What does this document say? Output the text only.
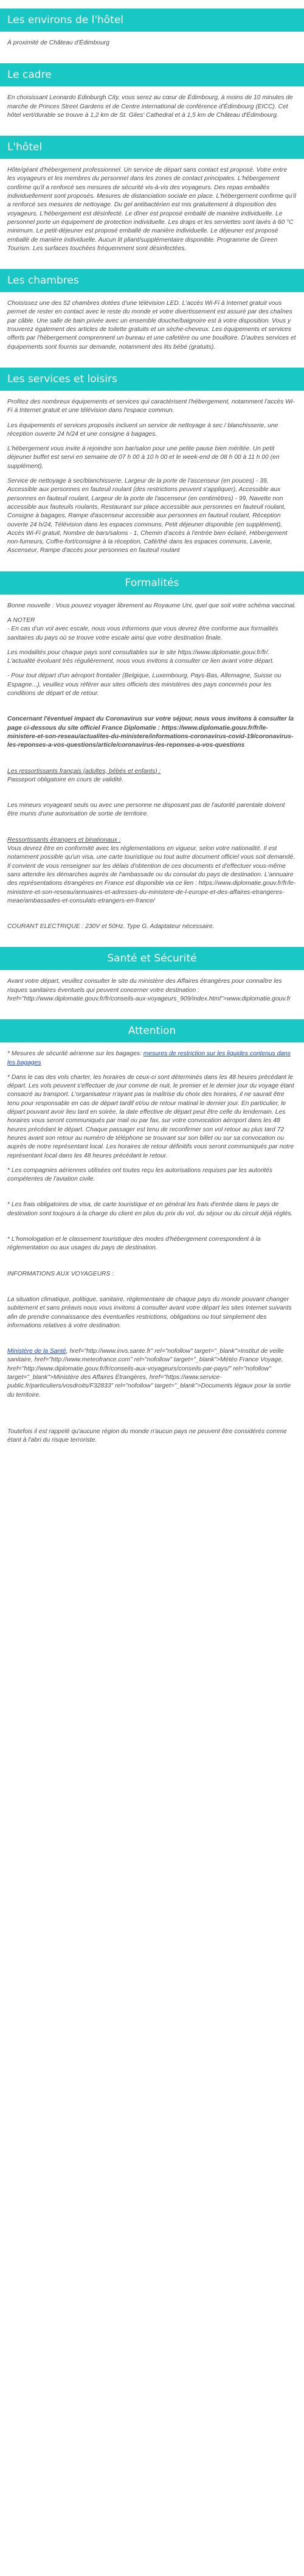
Les environs de l'hôtel

À proximité de Château d'Édimbourg

Le cadre

En choisissant Leonardo Edinburgh City, vous serez au cœur de Édimbourg, à moins de 10 minutes de marche de Princes Street Gardens et de Centre international de conférence d'Édimbourg (EICC). Cet hôtel vert/durable se trouve à 1,2 km de St. Giles' Cathedral et à 1,5 km de Château d'Édimbourg.

L'hôtel

Hôte/géant d'hébergement professionnel. Un service de départ sans contact est proposé. Votre entre les voyageurs et les membres du personnel dans les zones de contact principales. L'hébergement confirme qu'il a renforcé ses mesures de sécurité vis-à-vis des voyageurs. Des repas emballés individuellement sont proposés. Mesures de distanciation sociale en place. L'hébergement confirme qu'il a renforcé ses mesures de nettoyage. Du gel antibactérien est mis gratuitement à disposition des voyageurs. L'hébergement est désinfecté. Le dîner est proposé emballé de manière individuelle. Le personnel porte un équipement de protection individuelle. Les draps et les serviettes sont lavés à 60 °C minimum. Le petit-déjeuner est proposé emballé de manière individuelle. Le déjeuner est proposé emballé de manière individuelle. Aucun lit pliant/supplémentaire disponible. Programme de Green Tourism. Les surfaces touchées fréquemment sont désinfectées.

Les chambres

Choisissez une des 52 chambres dotées d'une télévision LED. L'accès Wi-Fi à Internet gratuit vous permet de rester en contact avec le reste du monde et votre divertissement est assuré par des chaînes par câble. Une salle de bain privée avec un ensemble douche/baignoire est à votre disposition. Vous y trouverez également des articles de toilette gratuits et un sèche-cheveux. Les équipements et services offerts par l'hébergement comprennent un bureau et une cafetière ou une bouilloire. D'autres services et équipements sont fournis sur demande, notamment des lits bébé (gratuits).

Les services et loisirs

Profitez des nombreux équipements et services qui caractérisent l'hébergement, notamment l'accès Wi-Fi à Internet gratuit et une télévision dans l'espace commun.

Les équipements et services proposés incluent un service de nettoyage à sec / blanchisserie, une réception ouverte 24 h/24 et une consigne à bagages.

L'hébergement vous invite à rejoindre son bar/salon pour une petite pause bien méritée. Un petit déjeuner buffet est servi en semaine de 07 h 00 à 10 h 00 et le week-end de 08 h 00 à 11 h 00 (en supplément).

Service de nettoyage à sec/blanchisserie, Largeur de la porte de l'ascenseur (en pouces) - 39, Accessible aux personnes en fauteuil roulant (des restrictions peuvent s'appliquer), Accessible aux personnes en fauteuil roulant, Largeur de la porte de l'ascenseur (en centimètres) - 99, Navette non accessible aux fauteuils roulants, Restaurant sur place accessible aux personnes en fauteuil roulant, Consigne à bagages, Rampe d'ascenseur accessible aux personnes en fauteuil roulant, Réception ouverte 24 h/24, Télévision dans les espaces communs, Petit déjeuner disponible (en supplément), Accès Wi-Fi gratuit, Nombre de bars/salons - 1, Chemin d'accès à l'entrée bien éclairé, Hébergement non-fumeurs, Coffre-fort/consigne à la réception, Café/thé dans les espaces communs, Laverie, Ascenseur, Rampe d'accès pour personnes en fauteuil roulant

Formalités

Bonne nouvelle : Vous pouvez voyager librement au Royaume Uni, quel que soit votre schéma vaccinal.

A NOTER
- En cas d'un vol avec escale, nous vous informons que vous devrez être conforme aux formalités sanitaires du pays où se trouve votre escale ainsi que votre destination finale.

Les modalités pour chaque pays sont consultables sur le site https://www.diplomatie.gouv.fr/fr/. L'actualité évoluant très régulièrement, nous vous invitons à consulter ce lien avant votre départ.

- Pour tout départ d'un aéroport frontalier (Belgique, Luxembourg, Pays-Bas, Allemagne, Suisse ou Espagne...), veuillez vous référer aux sites officiels des ministères des pays concernés pour les conditions de départ et de retour.

Concernant l'éventuel impact du Coronavirus sur votre séjour, nous vous invitons à consulter la page ci-dessous du site officiel France Diplomatie : https://www.diplomatie.gouv.fr/fr/le-ministere-et-son-reseau/actualites-du-ministere/informations-coronavirus-covid-19/coronavirus-les-reponses-a-vos-questions/article/coronavirus-les-reponses-a-vos-questions

Les ressortissants français (adultes, bébés et enfants) :
Passeport obligatoire en cours de validité.

Les mineurs voyageant seuls ou avec une personne ne disposant pas de l'autorité parentale doivent être munis d'une autorisation de sortie de territoire.

Ressortissants étrangers et binationaux :
Vous devrez être en conformité avec les réglementations en vigueur, selon votre nationalité. Il est notamment possible qu'un visa, une carte touristique ou tout autre document officiel vous soit demandé. Il convient de vous renseigner sur les délais d'obtention de ces documents et d'effectuer vous-même sans attendre les démarches auprès de l'ambassade ou du consulat du pays de destination. L'annuaire des représentations étrangères en France est disponible via ce lien : https://www.diplomatie.gouv.fr/fr/le-ministere-et-son-reseau/annuaires-et-adresses-du-ministere-de-l-europe-et-des-affaires-etrangeres-meae/ambassades-et-consulats-etrangers-en-france/

COURANT ELECTRIQUE : 230V et 50Hz. Type G. Adaptateur nécessaire.

Santé et Sécurité

Avant votre départ, veuillez consulter le site du ministère des Affaires étrangères pour connaître les risques sanitaires éventuels qui peuvent concerner votre destination : href="http://www.diplomatie.gouv.fr/fr/conseils-aux-voyageurs_909/index.html">www.diplomatie.gouv.fr

Attention

* Mesures de sécurité aérienne sur les bagages: mesures de restriction sur les liquides contenus dans les bagages

* Dans le cas des vols charter, les horaires de ceux-ci sont déterminés dans les 48 heures précédant le départ. Les vols peuvent s'effectuer de jour comme de nuit, le premier et le dernier jour du voyage étant consacré au transport. L'organisateur n'ayant pas la maîtrise du choix des horaires, il ne saurait être tenu pour responsable en cas de départ tardif et/ou de retour matinal le dernier jour. En particulier, le départ pouvant avoir lieu tard en soirée, la date effective de départ peut être celle du lendemain. Les horaires vous seront communiqués par mail ou par fax, sur votre convocation aéroport dans les 48 heures précédant le départ. Chaque passager est tenu de reconfirmer son vol retour au plus tard 72 heures avant son retour au numéro de téléphone se trouvant sur son billet ou sur sa convocation ou auprès de notre représentant local. Les horaires de retour définitifs vous seront communiqués par notre représentant local dans les 48 heures précédant le retour.

* Les compagnies aériennes utilisées ont toutes reçu les autorisations requises par les autorités compétentes de l'aviation civile.

* Les frais obligatoires de visa, de carte touristique et en général les frais d'entrée dans le pays de destination sont toujours à la charge du client en plus du prix du vol, du séjour ou du circuit déjà réglés.

* L'homologation et le classement touristique des modes d'hébergement correspondent à la réglementation ou aux usages du pays de destination.

INFORMATIONS AUX VOYAGEURS :

La situation climatique, politique, sanitaire, réglementaire de chaque pays du monde pouvant changer subitement et sans préavis nous vous invitons à consulter avant votre départ les sites Internet suivants afin de prendre connaissance des éventuelles restrictions, obligations ou tout simplement des informations relatives à votre destination.

Ministère de la Santé, href="http://www.invs.sante.fr" rel="nofollow" target="_blank">Institut de veille sanitaire, href="http://www.meteofrance.com" rel="nofollow" target="_blank">Météo France Voyage, href="http://www.diplomatie.gouv.fr/fr/conseils-aux-voyageurs/conseils-par-pays/" rel="nofollow" target="_blank">Ministère des Affaires Étrangères, href="https://www.service-public.fr/particuliers/vosdroits/F32833" rel="nofollow" target="_blank">Documents légaux pour la sortie du territoire.

Toutefois il est rappelé qu'aucune région du monde n'aucun pays ne peuvent être considérés comme étant à l'abri du risque terroriste.
